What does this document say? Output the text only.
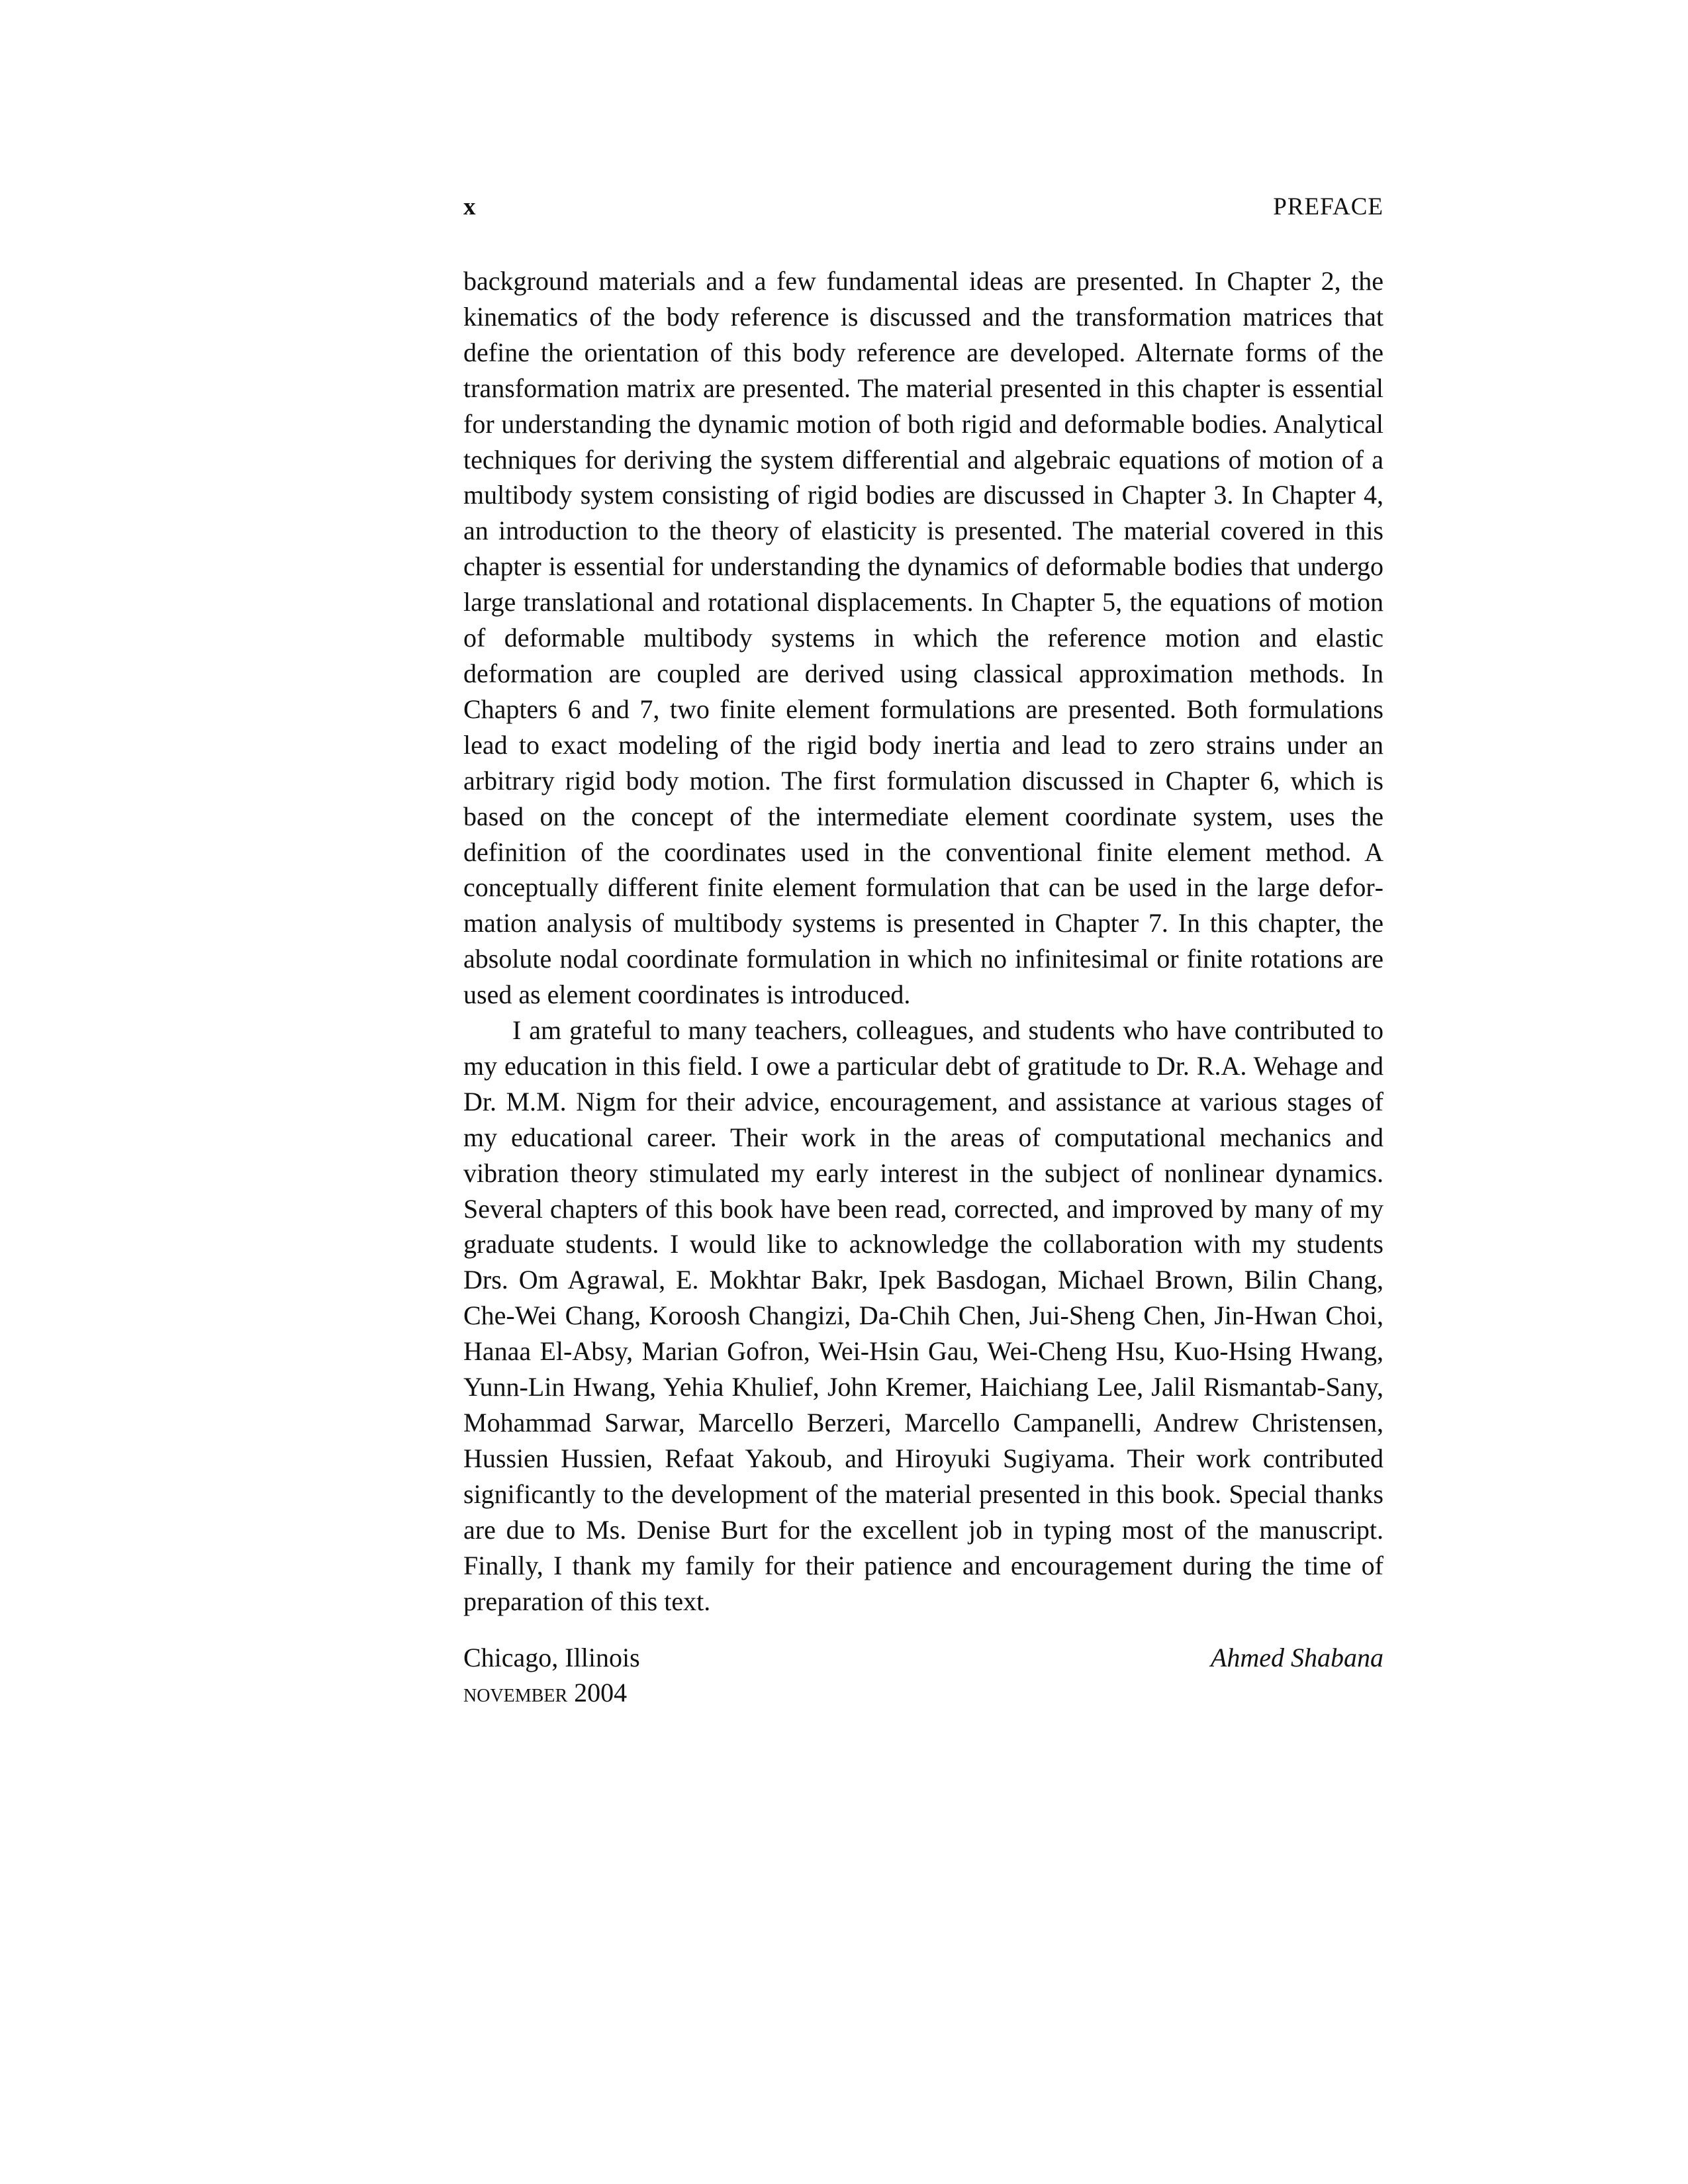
x	PREFACE

background materials and a few fundamental ideas are presented. In Chapter 2, the kinematics of the body reference is discussed and the transformation matrices that define the orientation of this body reference are developed. Alternate forms of the transformation matrix are presented. The material presented in this chapter is essential for understanding the dynamic motion of both rigid and deformable bodies. Analytical techniques for deriving the system differential and algebraic equations of motion of a multibody system consisting of rigid bodies are discussed in Chapter 3. In Chapter 4, an introduction to the theory of elasticity is presented. The material covered in this chapter is essential for understanding the dynamics of deformable bodies that undergo large translational and rotational displacements. In Chapter 5, the equations of motion of deformable multibody systems in which the reference motion and elastic deformation are coupled are derived using classical approximation methods. In Chapters 6 and 7, two finite element formulations are presented. Both formulations lead to exact modeling of the rigid body inertia and lead to zero strains under an arbitrary rigid body motion. The first formulation discussed in Chapter 6, which is based on the concept of the intermediate element coordinate system, uses the definition of the coordinates used in the conventional finite element method. A conceptually different finite element formulation that can be used in the large deformation analysis of multibody systems is presented in Chapter 7. In this chapter, the absolute nodal coordinate formulation in which no infinitesimal or finite rotations are used as element coordinates is introduced.

I am grateful to many teachers, colleagues, and students who have contributed to my education in this field. I owe a particular debt of gratitude to Dr. R.A. Wehage and Dr. M.M. Nigm for their advice, encouragement, and assistance at various stages of my educational career. Their work in the areas of computational mechanics and vibration theory stimulated my early interest in the subject of nonlinear dynamics. Several chapters of this book have been read, corrected, and improved by many of my graduate students. I would like to acknowledge the collaboration with my students Drs. Om Agrawal, E. Mokhtar Bakr, Ipek Basdogan, Michael Brown, Bilin Chang, Che-Wei Chang, Koroosh Changizi, Da-Chih Chen, Jui-Sheng Chen, Jin-Hwan Choi, Hanaa El-Absy, Marian Gofron, Wei-Hsin Gau, Wei-Cheng Hsu, Kuo-Hsing Hwang, Yunn-Lin Hwang, Yehia Khulief, John Kremer, Haichiang Lee, Jalil Rismantab-Sany, Mohammad Sarwar, Marcello Berzeri, Marcello Campanelli, Andrew Christensen, Hussien Hussien, Refaat Yakoub, and Hiroyuki Sugiyama. Their work contributed significantly to the development of the material presented in this book. Special thanks are due to Ms. Denise Burt for the excellent job in typing most of the manuscript. Finally, I thank my family for their patience and encouragement during the time of preparation of this text.

Chicago, Illinois
november 2004
Ahmed Shabana
